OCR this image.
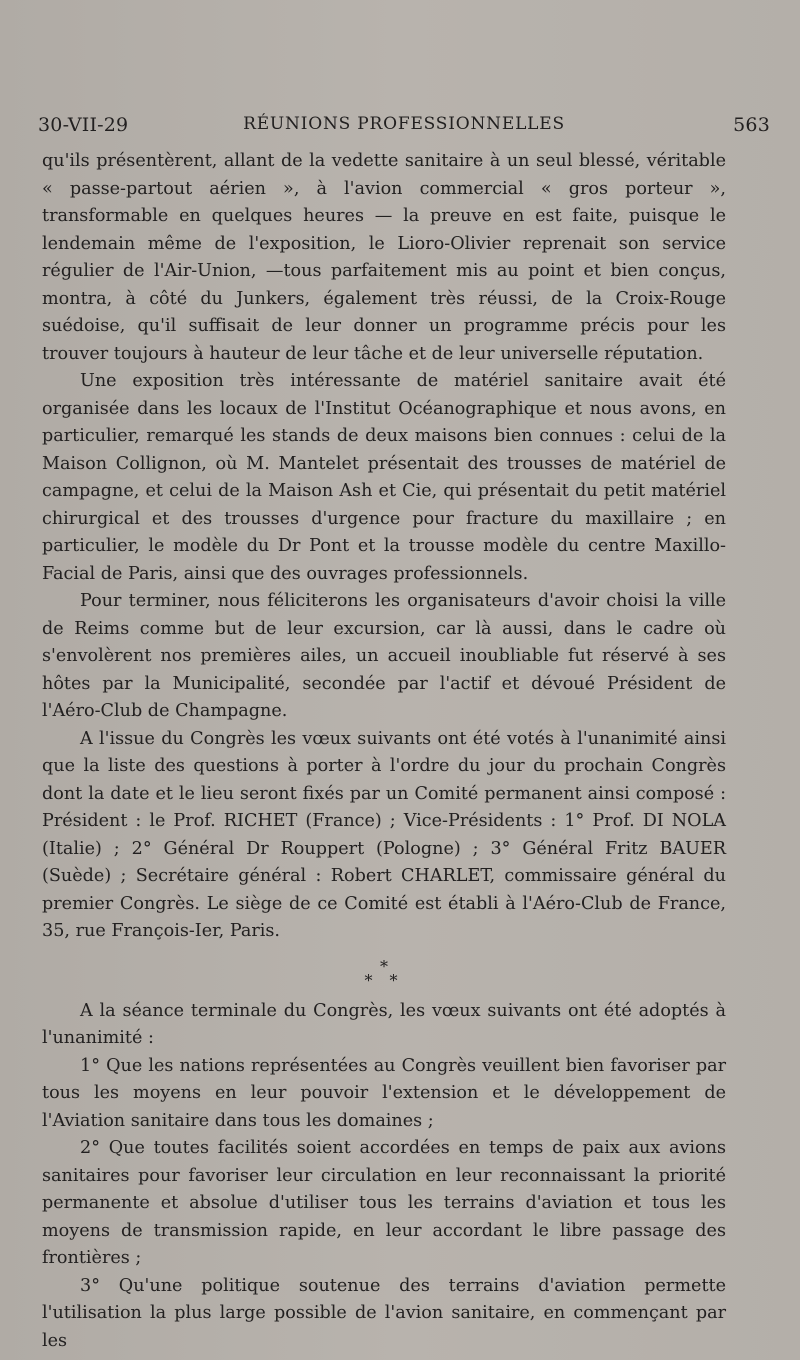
30-VII-29	RÉUNIONS PROFESSIONNELLES	563

qu'ils présentèrent, allant de la vedette sanitaire à un seul blessé, véritable « passe-partout aérien », à l'avion commercial « gros porteur », transformable en quelques heures — la preuve en est faite, puisque le lendemain même de l'exposition, le Lioro-Olivier reprenait son service régulier de l'Air-Union, —tous parfaitement mis au point et bien conçus, montra, à côté du Junkers, également très réussi, de la Croix-Rouge suédoise, qu'il suffisait de leur donner un programme précis pour les trouver toujours à hauteur de leur tâche et de leur universelle réputation.

Une exposition très intéressante de matériel sanitaire avait été organisée dans les locaux de l'Institut Océanographique et nous avons, en particulier, remarqué les stands de deux maisons bien connues : celui de la Maison Collignon, où M. Mantelet présentait des trousses de matériel de campagne, et celui de la Maison Ash et Cie, qui présentait du petit matériel chirurgical et des trousses d'urgence pour fracture du maxillaire ; en particulier, le modèle du Dr Pont et la trousse modèle du centre Maxillo-Facial de Paris, ainsi que des ouvrages professionnels.

Pour terminer, nous féliciterons les organisateurs d'avoir choisi la ville de Reims comme but de leur excursion, car là aussi, dans le cadre où s'envolèrent nos premières ailes, un accueil inoubliable fut réservé à ses hôtes par la Municipalité, secondée par l'actif et dévoué Président de l'Aéro-Club de Champagne.

A l'issue du Congrès les vœux suivants ont été votés à l'unanimité ainsi que la liste des questions à porter à l'ordre du jour du prochain Congrès dont la date et le lieu seront fixés par un Comité permanent ainsi composé : Président : le Prof. RICHET (France) ; Vice-Présidents : 1° Prof. DI NOLA (Italie) ; 2° Général Dr Rouppert (Pologne) ; 3° Général Fritz BAUER (Suède) ; Secrétaire général : Robert CHARLET, commissaire général du premier Congrès. Le siège de ce Comité est établi à l'Aéro-Club de France, 35, rue François-Ier, Paris.

*
* *

A la séance terminale du Congrès, les vœux suivants ont été adoptés à l'unanimité :

1° Que les nations représentées au Congrès veuillent bien favoriser par tous les moyens en leur pouvoir l'extension et le développement de l'Aviation sanitaire dans tous les domaines ;

2° Que toutes facilités soient accordées en temps de paix aux avions sanitaires pour favoriser leur circulation en leur reconnaissant la priorité permanente et absolue d'utiliser tous les terrains d'aviation et tous les moyens de transmission rapide, en leur accordant le libre passage des frontières ;

3° Qu'une politique soutenue des terrains d'aviation permette l'utilisation la plus large possible de l'avion sanitaire, en commençant par les
